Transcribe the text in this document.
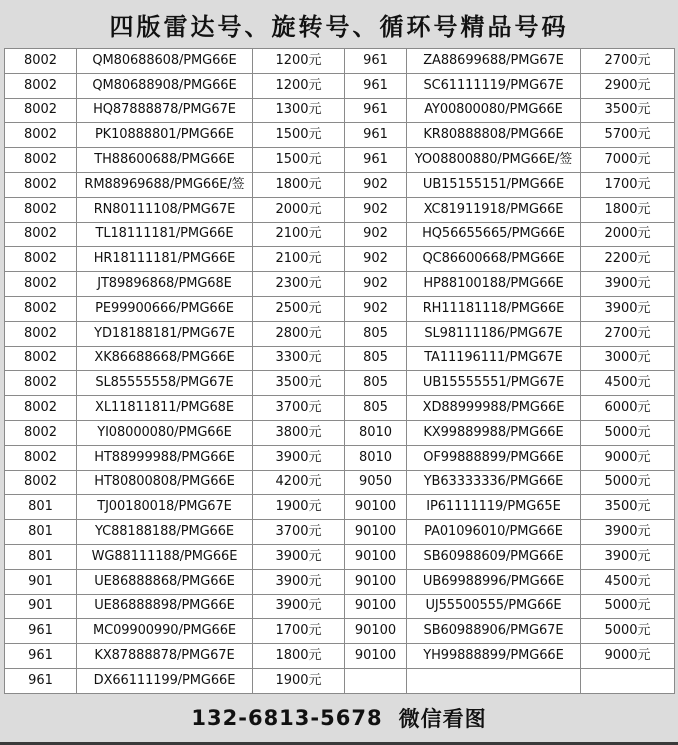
四版雷达号、旋转号、循环号精品号码
8002	QM80688608/PMG66E	1200元	961	ZA88699688/PMG67E	2700元
8002	QM80688908/PMG66E	1200元	961	SC61111119/PMG67E	2900元
8002	HQ87888878/PMG67E	1300元	961	AY00800080/PMG66E	3500元
8002	PK10888801/PMG66E	1500元	961	KR80888808/PMG66E	5700元
8002	TH88600688/PMG66E	1500元	961	YO08800880/PMG66E/签	7000元
8002	RM88969688/PMG66E/签	1800元	902	UB15155151/PMG66E	1700元
8002	RN80111108/PMG67E	2000元	902	XC81911918/PMG66E	1800元
8002	TL18111181/PMG66E	2100元	902	HQ56655665/PMG66E	2000元
8002	HR18111181/PMG66E	2100元	902	QC86600668/PMG66E	2200元
8002	JT89896868/PMG68E	2300元	902	HP88100188/PMG66E	3900元
8002	PE99900666/PMG66E	2500元	902	RH11181118/PMG66E	3900元
8002	YD18188181/PMG67E	2800元	805	SL98111186/PMG67E	2700元
8002	XK86688668/PMG66E	3300元	805	TA11196111/PMG67E	3000元
8002	SL85555558/PMG67E	3500元	805	UB15555551/PMG67E	4500元
8002	XL11811811/PMG68E	3700元	805	XD88999988/PMG66E	6000元
8002	YI08000080/PMG66E	3800元	8010	KX99889988/PMG66E	5000元
8002	HT88999988/PMG66E	3900元	8010	OF99888899/PMG66E	9000元
8002	HT80800808/PMG66E	4200元	9050	YB63333336/PMG66E	5000元
801	TJ00180018/PMG67E	1900元	90100	IP61111119/PMG65E	3500元
801	YC88188188/PMG66E	3700元	90100	PA01096010/PMG66E	3900元
801	WG88111188/PMG66E	3900元	90100	SB60988609/PMG66E	3900元
901	UE86888868/PMG66E	3900元	90100	UB69988996/PMG66E	4500元
901	UE86888898/PMG66E	3900元	90100	UJ55500555/PMG66E	5000元
961	MC09900990/PMG66E	1700元	90100	SB60988906/PMG67E	5000元
961	KX87888878/PMG67E	1800元	90100	YH99888899/PMG66E	9000元
961	DX66111199/PMG66E	1900元			
132-6813-5678 微信看图
